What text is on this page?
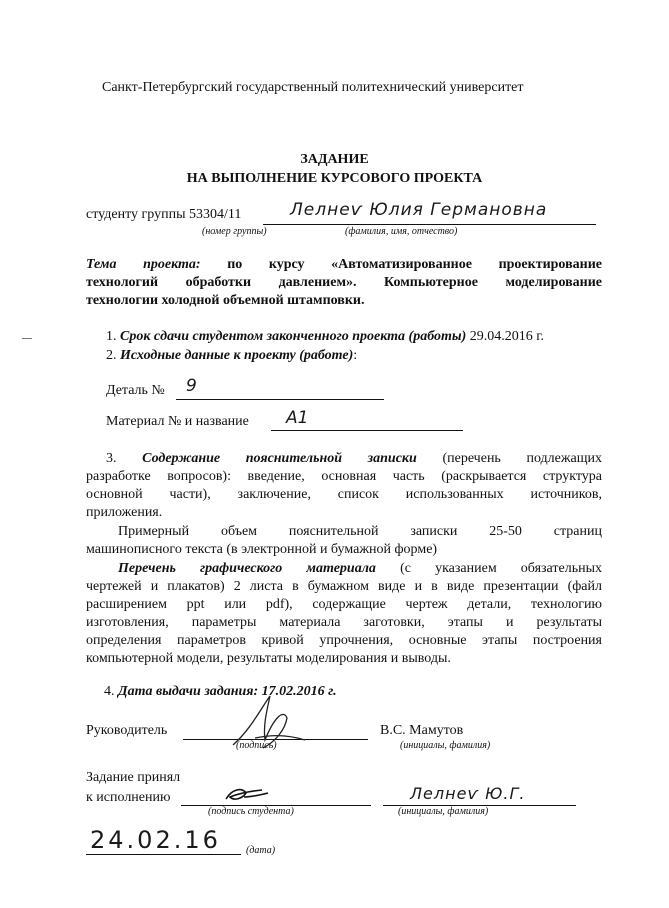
Санкт-Петербургский государственный политехнический университет
ЗАДАНИЕ
НА ВЫПОЛНЕНИЕ КУРСОВОГО ПРОЕКТА
студенту группы 53304/11	Лелнеѵ Юлия Германовна
(номер группы)	(фамилия, имя, отчество)
Тема проекта: по курсу «Автоматизированное проектирование
технологий обработки давлением». Компьютерное моделирование
технологии холодной объемной штамповки.
1. Срок сдачи студентом законченного проекта (работы) 29.04.2016 г.
2. Исходные данные к проекту (работе):
Деталь № 9
Материал № и название А1
3. Содержание пояснительной записки (перечень подлежащих
разработке вопросов): введение, основная часть (раскрывается структура
основной части), заключение, список использованных источников,
приложения.
Примерный объем пояснительной записки 25-50 страниц
машинописного текста (в электронной и бумажной форме)
Перечень графического материала (с указанием обязательных
чертежей и плакатов) 2 листа в бумажном виде и в виде презентации (файл
расширением ppt или pdf), содержащие чертеж детали, технологию
изготовления, параметры материала заготовки, этапы и результаты
определения параметров кривой упрочнения, основные этапы построения
компьютерной модели, результаты моделирования и выводы.
4. Дата выдачи задания: 17.02.2016 г.
Руководитель
(подпись)
В.С. Мамутов
(инициалы, фамилия)
Задание принял
к исполнению
(подпись студента)
Лелнеѵ Ю.Г.
(инициалы, фамилия)
24.02.16	(дата)
